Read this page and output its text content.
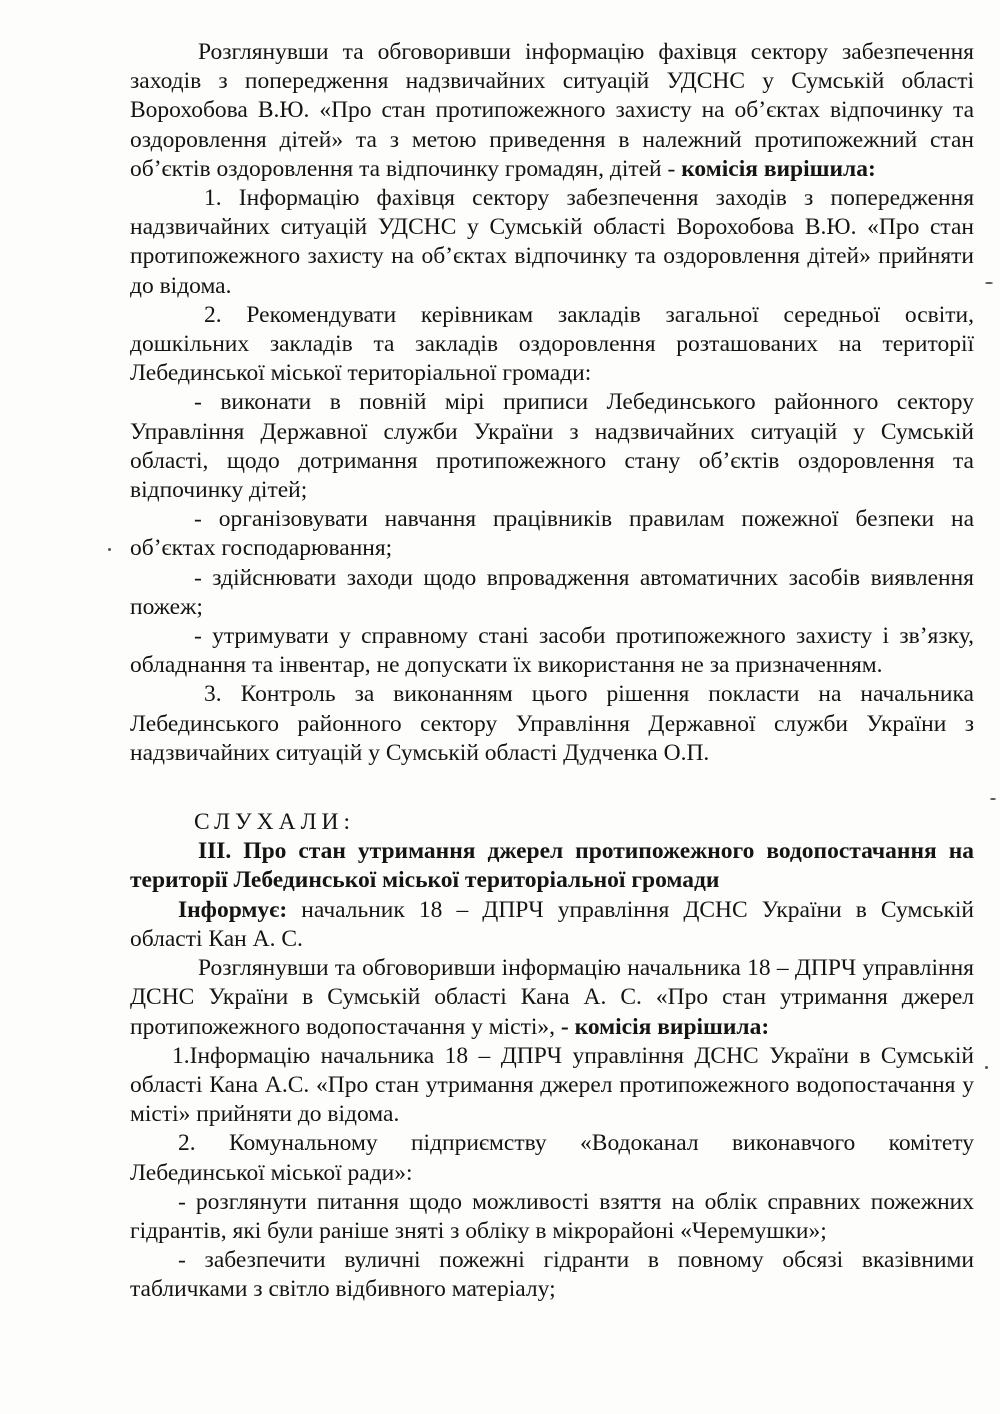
Розглянувши та обговоривши інформацію фахівця сектору забезпечення заходів з попередження надзвичайних ситуацій УДСНС у Сумській області Ворохобова В.Ю. «Про стан протипожежного захисту на об’єктах відпочинку та оздоровлення дітей» та з метою приведення в належний протипожежний стан об’єктів оздоровлення та відпочинку громадян, дітей - комісія вирішила:

1. Інформацію фахівця сектору забезпечення заходів з попередження надзвичайних ситуацій УДСНС у Сумській області Ворохобова В.Ю. «Про стан протипожежного захисту на об’єктах відпочинку та оздоровлення дітей» прийняти до відома.

2. Рекомендувати керівникам закладів загальної середньої освіти, дошкільних закладів та закладів оздоровлення розташованих на території Лебединської міської територіальної громади:

- виконати в повній мірі приписи Лебединського районного сектору Управління Державної служби України з надзвичайних ситуацій у Сумській області, щодо дотримання протипожежного стану об’єктів оздоровлення та відпочинку дітей;

- організовувати навчання працівників правилам пожежної безпеки на об’єктах господарювання;

- здійснювати заходи щодо впровадження автоматичних засобів виявлення пожеж;

- утримувати у справному стані засоби протипожежного захисту і зв’язку, обладнання та інвентар, не допускати їх використання не за призначенням.

3. Контроль за виконанням цього рішення покласти на начальника Лебединського районного сектору Управління Державної служби України з надзвичайних ситуацій у Сумській області Дудченка О.П.

СЛУХАЛИ:

ІІІ. Про стан утримання джерел протипожежного водопостачання на території Лебединської міської територіальної громади

Інформує: начальник 18 – ДПРЧ управління ДСНС України в Сумській області Кан А. С.

Розглянувши та обговоривши інформацію начальника 18 – ДПРЧ управління ДСНС України в Сумській області Кана А. С. «Про стан утримання джерел протипожежного водопостачання у місті», - комісія вирішила:

1.Інформацію начальника 18 – ДПРЧ управління ДСНС України в Сумській області Кана А.С. «Про стан утримання джерел протипожежного водопостачання у місті» прийняти до відома.

2. Комунальному підприємству «Водоканал виконавчого комітету Лебединської міської ради»:

- розглянути питання щодо можливості взяття на облік справних пожежних гідрантів, які були раніше зняті з обліку в мікрорайоні «Черемушки»;

- забезпечити вуличні пожежні гідранти в повному обсязі вказівними табличками з світло відбивного матеріалу;
